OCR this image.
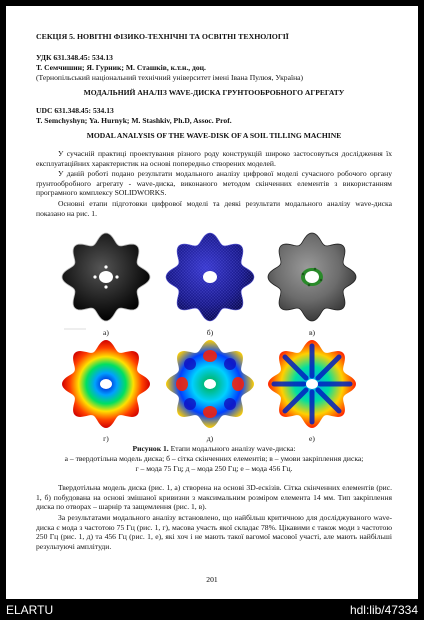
СЕКЦІЯ 5. НОВІТНІ ФІЗИКО-ТЕХНІЧНІ ТА ОСВІТНІ ТЕХНОЛОГІЇ
УДК 631.348.45: 534.13
Т. Семчишин; Я. Гурник; М. Сташків, к.т.н., доц.
(Тернопільський національний технічний університет імені Івана Пулюя, Україна)
МОДАЛЬНИЙ АНАЛІЗ WAVE-ДИСКА ГРУНТООБРОБНОГО АГРЕГАТУ
UDC 631.348.45: 534.13
T. Semchyshyn; Ya. Hurnyk; M. Stashkiv, Ph.D, Assoc. Prof.
MODAL ANALYSIS OF THE WAVE-DISK OF A SOIL TILLING MACHINE
У сучасній практиці проектування різного роду конструкцій широко застосовуться дослідження їх експлуатаційних характеристик на основі попередньо створених моделей.
У даній роботі подано результати модального аналізу цифрової моделі сучасного робочого органу ґрунтообробного агрегату - wave-диска, виконаного методом скінченних елементів з використанням програмного комплексу SOLIDWORKS.
Основні етапи підготовки цифрової моделі та деякі результати модального аналізу wave-диска показано на рис. 1.
а)	б)	в)
г)	д)	е)
Рисунок 1. Етапи модального аналізу wave-диска:
а – твердотільна модель диска; б – сітка скінченних елементів; в – умови закріплення диска;
г – мода 75 Гц; д – мода 250 Гц; е – мода 456 Гц.
Твердотільна модель диска (рис. 1, а) створена на основі 3D-ескізів. Сітка скінченних елементів (рис. 1, б) побудована на основі змішаної кривизни з максимальним розміром елемента 14 мм. Тип закріплення диска по отворах – шарнір та защемлення (рис. 1, в).
За результатами модального аналізу встановлено, що найбільш критичною для досліджуваного wave-диска є мода з частотою 75 Гц (рис. 1, г), масова участь якої складає 78%. Цікавими є також моди з частотою 250 Гц (рис. 1, д) та 456 Гц (рис. 1, е), які хоч і не мають такої вагомої масової участі, але мають найбільші результуючі амплітуди.
201
ELARTU	hdl:lib/47334
